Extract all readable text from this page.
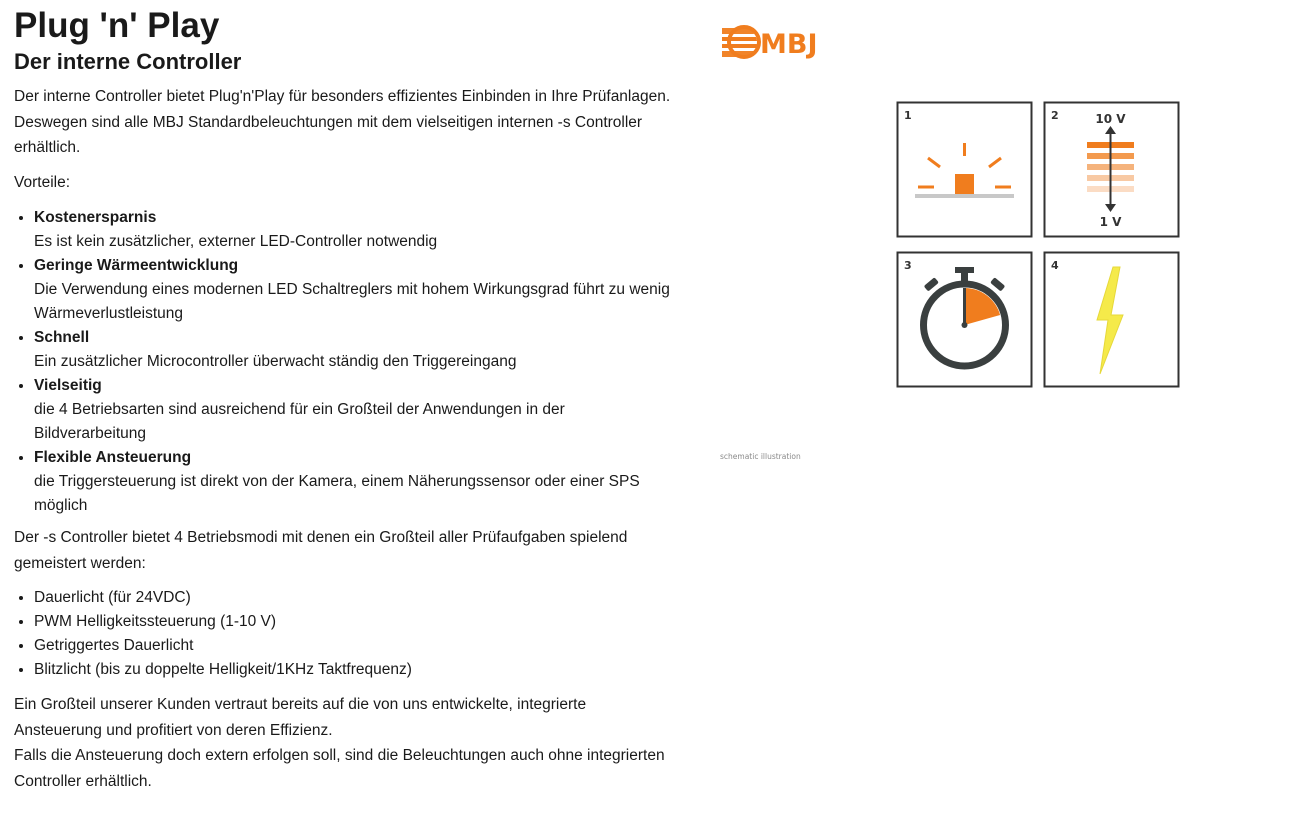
Plug 'n' Play
Der interne Controller

Der interne Controller bietet Plug'n'Play für besonders effizientes Einbinden in Ihre Prüfanlagen. Deswegen sind alle MBJ Standardbeleuchtungen mit dem vielseitigen internen -s Controller erhältlich.

Vorteile:

• Kostenersparnis
Es ist kein zusätzlicher, externer LED-Controller notwendig
• Geringe Wärmeentwicklung
Die Verwendung eines modernen LED Schaltreglers mit hohem Wirkungsgrad führt zu wenig Wärmeverlustleistung
• Schnell
Ein zusätzlicher Microcontroller überwacht ständig den Triggereingang
• Vielseitig
die 4 Betriebsarten sind ausreichend für ein Großteil der Anwendungen in der Bildverarbeitung
• Flexible Ansteuerung
die Triggersteuerung ist direkt von der Kamera, einem Näherungssensor oder einer SPS möglich

Der -s Controller bietet 4 Betriebsmodi mit denen ein Großteil aller Prüfaufgaben spielend gemeistert werden:

• Dauerlicht (für 24VDC)
• PWM Helligkeitssteuerung (1-10 V)
• Getriggertes Dauerlicht
• Blitzlicht (bis zu doppelte Helligkeit/1KHz Taktfrequenz)

Ein Großteil unserer Kunden vertraut bereits auf die von uns entwickelte, integrierte Ansteuerung und profitiert von deren Effizienz.
Falls die Ansteuerung doch extern erfolgen soll, sind die Beleuchtungen auch ohne integrierten Controller erhältlich.

MBJ
1	2	10 V
1 V
3	4
schematic illustration
